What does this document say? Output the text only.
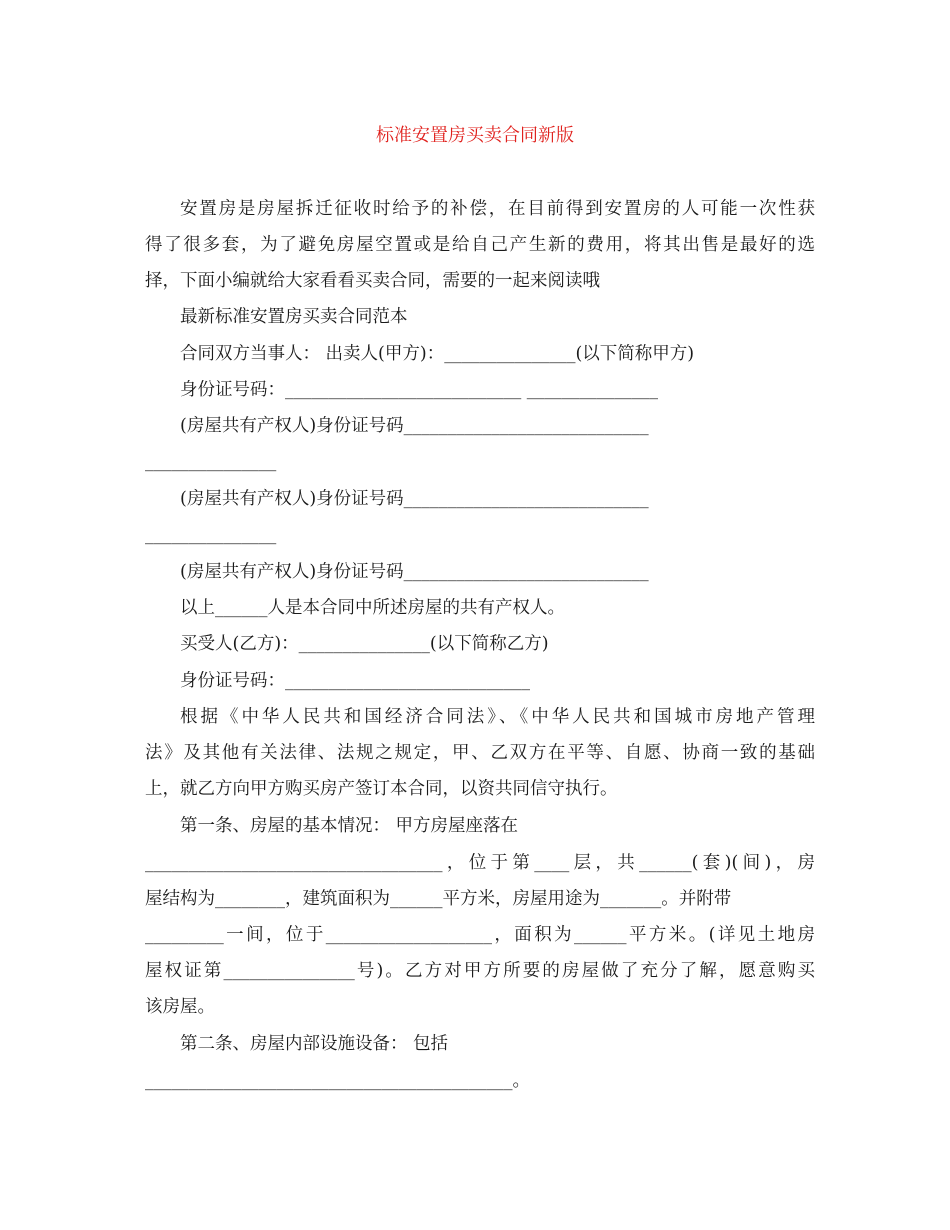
标准安置房买卖合同新版
安置房是房屋拆迁征收时给予的补偿，在目前得到安置房的人可能一次性获
得了很多套，为了避免房屋空置或是给自己产生新的费用，将其出售是最好的选
择，下面小编就给大家看看买卖合同，需要的一起来阅读哦
最新标准安置房买卖合同范本
合同双方当事人： 出卖人(甲方)：_______________(以下简称甲方)
身份证号码：___________________________ _______________
(房屋共有产权人)身份证号码____________________________
_______________
(房屋共有产权人)身份证号码____________________________
_______________
(房屋共有产权人)身份证号码____________________________
以上______人是本合同中所述房屋的共有产权人。
买受人(乙方)：_______________(以下简称乙方)
身份证号码：____________________________
根据《中华人民共和国经济合同法》、《中华人民共和国城市房地产管理
法》及其他有关法律、法规之规定，甲、乙双方在平等、自愿、协商一致的基础
上，就乙方向甲方购买房产签订本合同，以资共同信守执行。
第一条、房屋的基本情况： 甲方房屋座落在
__________________________________，位于第____层，共______(套)(间)，房
屋结构为________，建筑面积为______平方米，房屋用途为_______。并附带
_________一间，位于___________________，面积为______平方米。(详见土地房
屋权证第_______________号)。乙方对甲方所要的房屋做了充分了解，愿意购买
该房屋。
第二条、房屋内部设施设备： 包括
__________________________________________。
